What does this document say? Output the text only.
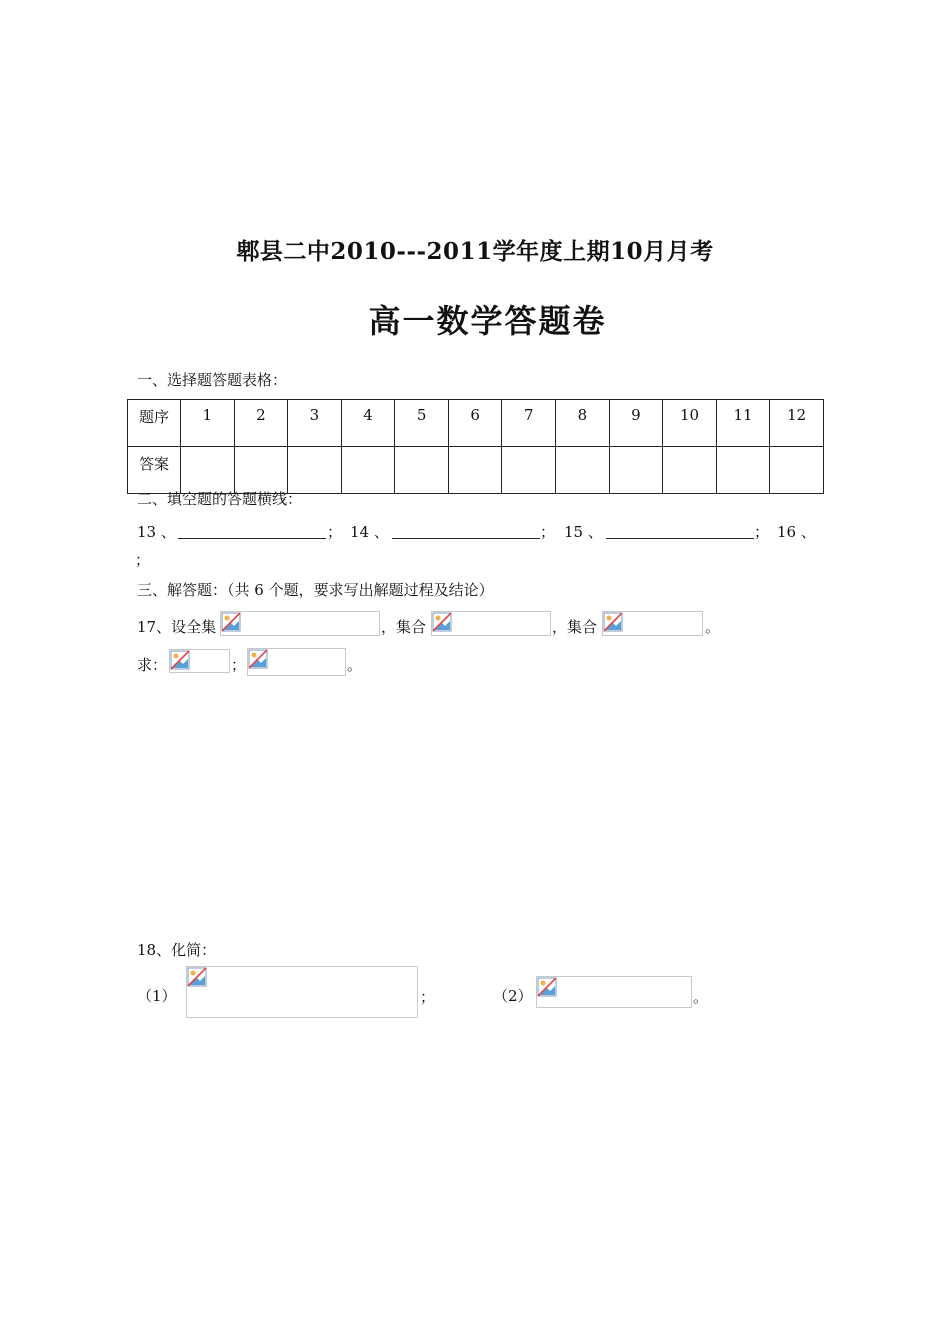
郫县二中2010---2011学年度上期10月月考
高一数学答题卷
一、选择题答题表格：
题序	1	2	3	4	5	6	7	8	9	10	11	12
答案												
二、填空题的答题横线：
13 、	； 14 、	； 15 、	； 16 、
；
三、解答题：（共 6 个题，要求写出解题过程及结论）
17、设全集	，集合	，集合	。
求：	；	。
18、化简：
（1）	；	（2）	。
